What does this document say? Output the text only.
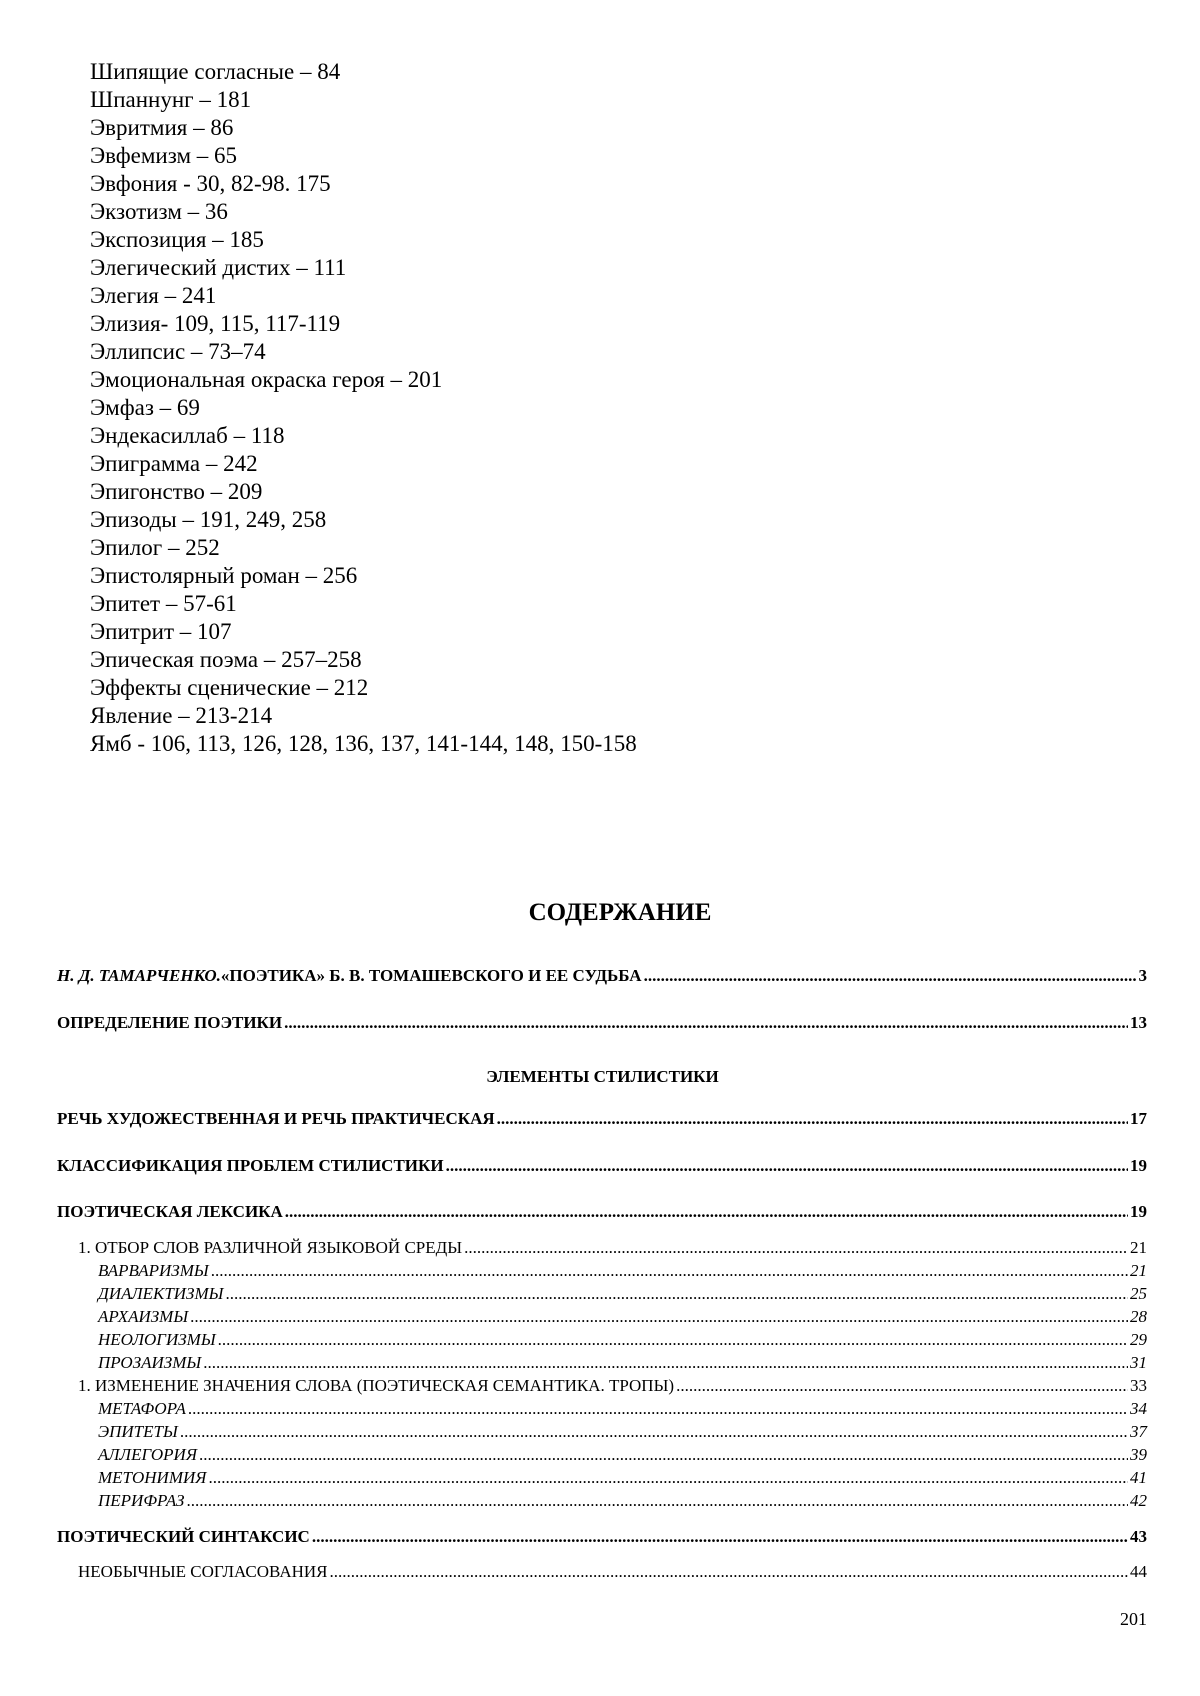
Шипящие согласные – 84
Шпаннунг – 181
Эвритмия – 86
Эвфемизм – 65
Эвфония - 30, 82-98. 175
Экзотизм – 36
Экспозиция – 185
Элегический дистих – 111
Элегия – 241
Элизия- 109, 115, 117-119
Эллипсис – 73–74
Эмоциональная окраска героя – 201
Эмфаз – 69
Эндекасиллаб – 118
Эпиграмма – 242
Эпигонство – 209
Эпизоды – 191, 249, 258
Эпилог – 252
Эпистолярный роман – 256
Эпитет – 57-61
Эпитрит – 107
Эпическая поэма – 257–258
Эффекты сценические – 212
Явление – 213-214
Ямб - 106, 113, 126, 128, 136, 137, 141-144, 148, 150-158
СОДЕРЖАНИЕ
Н. Д. ТАМАРЧЕНКО. «ПОЭТИКА» Б. В. ТОМАШЕВСКОГО И ЕЕ СУДЬБА .....	3
ОПРЕДЕЛЕНИЕ ПОЭТИКИ .....	13
ЭЛЕМЕНТЫ СТИЛИСТИКИ
РЕЧЬ ХУДОЖЕСТВЕННАЯ И РЕЧЬ ПРАКТИЧЕСКАЯ .....	17
КЛАССИФИКАЦИЯ ПРОБЛЕМ СТИЛИСТИКИ .....	19
ПОЭТИЧЕСКАЯ ЛЕКСИКА .....	19
1. ОТБОР СЛОВ РАЗЛИЧНОЙ ЯЗЫКОВОЙ СРЕДЫ .....	21
ВАРВАРИЗМЫ .....	21
ДИАЛЕКТИЗМЫ .....	25
АРХАИЗМЫ .....	28
НЕОЛОГИЗМЫ .....	29
ПРОЗАИЗМЫ .....	31
1. ИЗМЕНЕНИЕ ЗНАЧЕНИЯ СЛОВА (ПОЭТИЧЕСКАЯ СЕМАНТИКА. ТРОПЫ) .....	33
МЕТАФОРА .....	34
ЭПИТЕТЫ .....	37
АЛЛЕГОРИЯ .....	39
МЕТОНИМИЯ .....	41
ПЕРИФРАЗ .....	42
ПОЭТИЧЕСКИЙ СИНТАКСИС .....	43
НЕОБЫЧНЫЕ СОГЛАСОВАНИЯ .....	44
201
